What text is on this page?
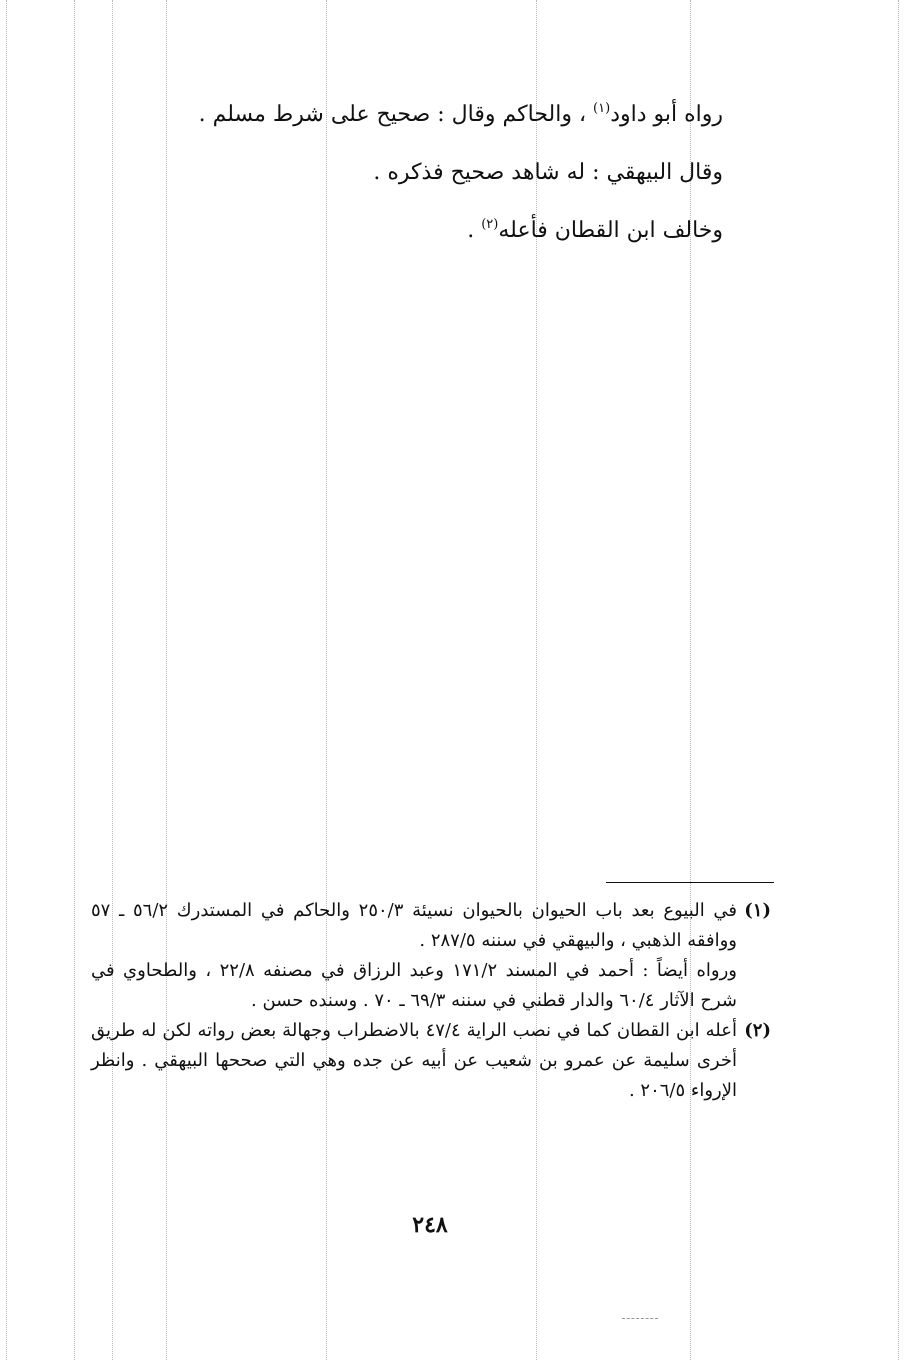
رواه أبو داود$^{(١)}$ ، والحاكم وقال : صحيح على شرط مسلم .

وقال البيهقي : له شاهد صحيح فذكره .

وخالف ابن القطان فأعله$^{(٢)}$ .

(١)
في البيوع بعد باب الحيوان بالحيوان نسيئة ٢٥٠/٣ والحاكم في المستدرك ٥٦/٢ ـ ٥٧ ووافقه الذهبي ، والبيهقي في سننه ٢٨٧/٥ .

ورواه أيضاً : أحمد في المسند ١٧١/٢ وعبد الرزاق في مصنفه ٢٢/٨ ، والطحاوي في شرح الآثار ٦٠/٤ والدار قطني في سننه ٦٩/٣ ـ ٧٠ . وسنده حسن .

(٢)
أعله ابن القطان كما في نصب الراية ٤٧/٤ بالاضطراب وجهالة بعض رواته لكن له طريق أخرى سليمة عن عمرو بن شعيب عن أبيه عن جده وهي التي صححها البيهقي . وانظر الإرواء ٢٠٦/٥ .

٢٤٨
